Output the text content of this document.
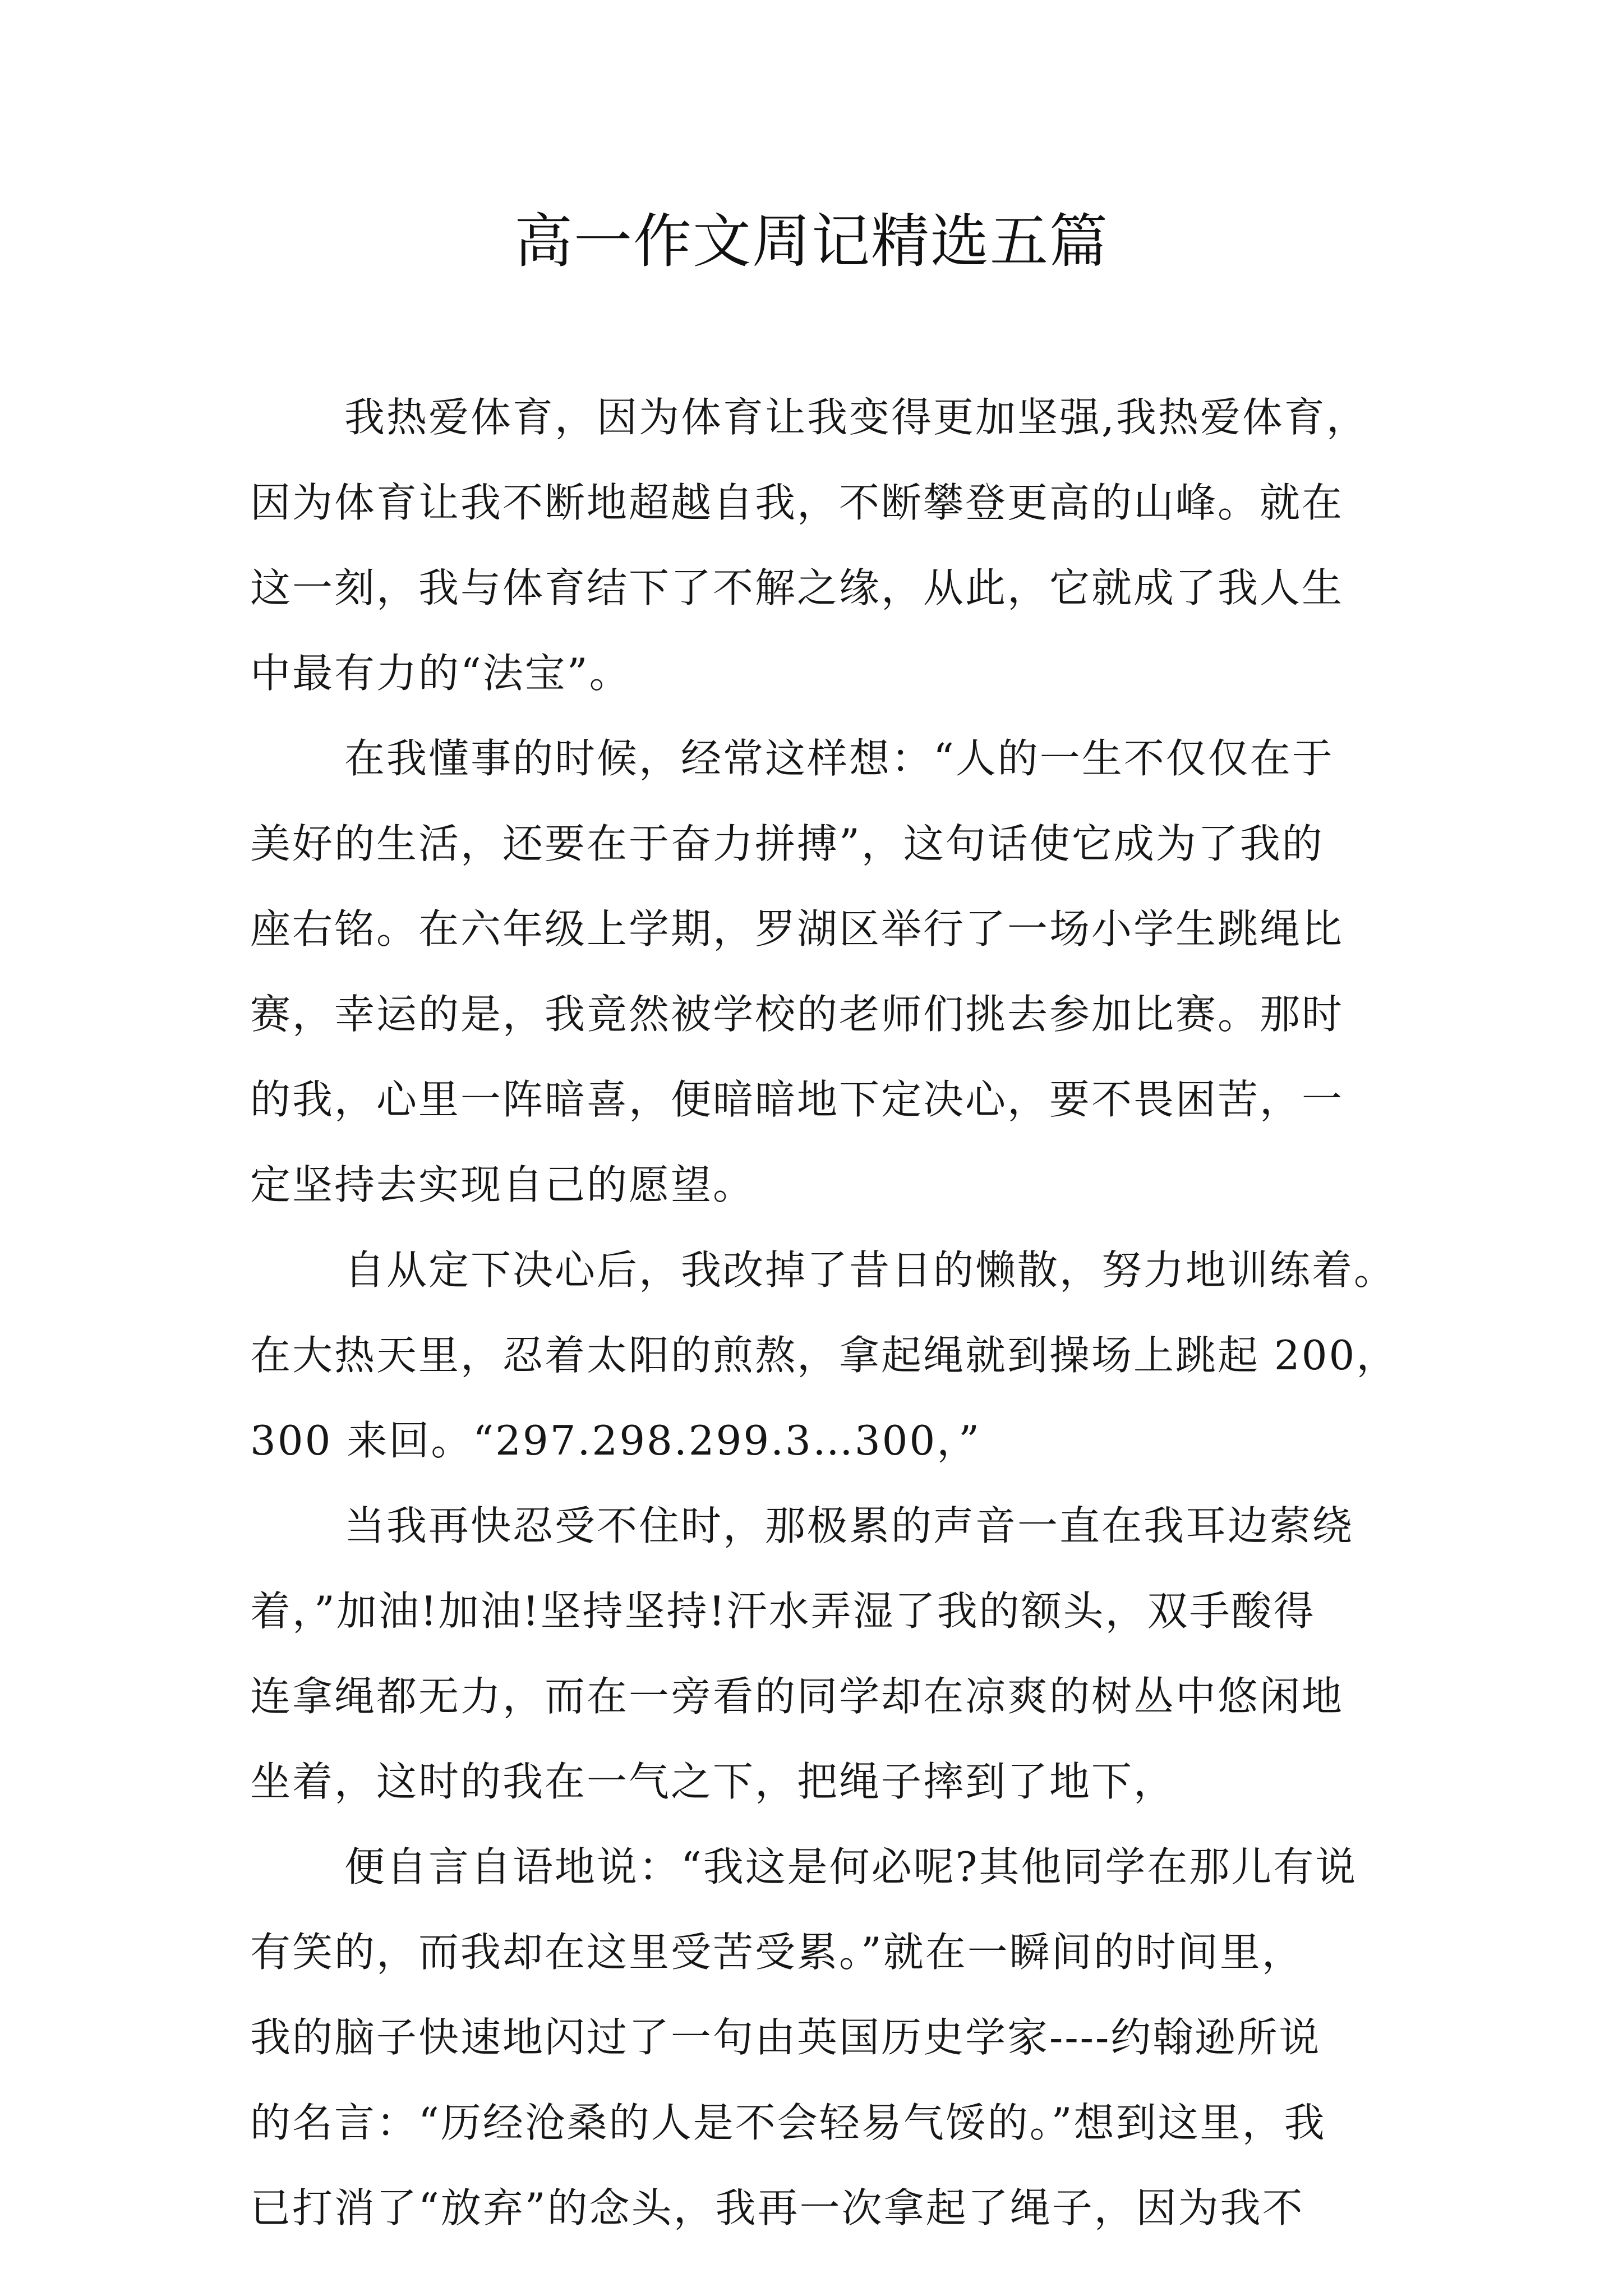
高一作文周记精选五篇
我热爱体育，因为体育让我变得更加坚强,我热爱体育，
因为体育让我不断地超越自我，不断攀登更高的山峰。就在
这一刻，我与体育结下了不解之缘，从此，它就成了我人生
中最有力的“法宝”。
在我懂事的时候，经常这样想：“人的一生不仅仅在于
美好的生活，还要在于奋力拼搏”，这句话使它成为了我的
座右铭。在六年级上学期，罗湖区举行了一场小学生跳绳比
赛，幸运的是，我竟然被学校的老师们挑去参加比赛。那时
的我，心里一阵暗喜，便暗暗地下定决心，要不畏困苦，一
定坚持去实现自己的愿望。
自从定下决心后，我改掉了昔日的懒散，努力地训练着。
在大热天里，忍着太阳的煎熬，拿起绳就到操场上跳起 200，
300 来回。“297.298.299.3…300，”
当我再快忍受不住时，那极累的声音一直在我耳边萦绕
着，”加油!加油!坚持坚持!汗水弄湿了我的额头，双手酸得
连拿绳都无力，而在一旁看的同学却在凉爽的树丛中悠闲地
坐着，这时的我在一气之下，把绳子摔到了地下，
便自言自语地说：“我这是何必呢?其他同学在那儿有说
有笑的，而我却在这里受苦受累。”就在一瞬间的时间里，
我的脑子快速地闪过了一句由英国历史学家----约翰逊所说
的名言：“历经沧桑的人是不会轻易气馁的。”想到这里，我
已打消了“放弃”的念头，我再一次拿起了绳子，因为我不
